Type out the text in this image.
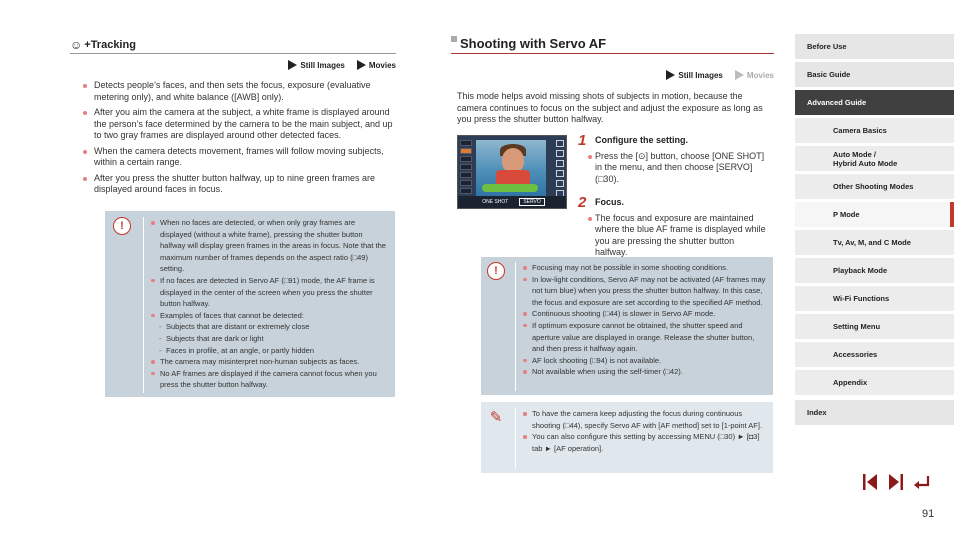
☺ +Tracking
Still Images	Movies
Detects people’s faces, and then sets the focus, exposure (evaluative metering only), and white balance ([AWB] only).
After you aim the camera at the subject, a white frame is displayed around the person’s face determined by the camera to be the main subject, and up to two gray frames are displayed around other detected faces.
When the camera detects movement, frames will follow moving subjects, within a certain range.
After you press the shutter button halfway, up to nine green frames are displayed around faces in focus.
!	When no faces are detected, or when only gray frames are displayed (without a white frame), pressing the shutter button halfway will display green frames in the areas in focus. Note that the maximum number of frames depends on the aspect ratio (□49) setting.
If no faces are detected in Servo AF (□91) mode, the AF frame is displayed in the center of the screen when you press the shutter button halfway.
Examples of faces that cannot be detected:
- Subjects that are distant or extremely close
- Subjects that are dark or light
- Faces in profile, at an angle, or partly hidden
The camera may misinterpret non-human subjects as faces.
No AF frames are displayed if the camera cannot focus when you press the shutter button halfway.
Shooting with Servo AF
Still Images	Movies

This mode helps avoid missing shots of subjects in motion, because the camera continues to focus on the subject and adjust the exposure as long as you press the shutter button halfway.

ONE SHOT	SERVO
1 Configure the setting.
Press the [⊙] button, choose [ONE SHOT] in the menu, and then choose [SERVO] (□30).
2 Focus.
The focus and exposure are maintained where the blue AF frame is displayed while you are pressing the shutter button halfway.
!	Focusing may not be possible in some shooting conditions.
In low-light conditions, Servo AF may not be activated (AF frames may not turn blue) when you press the shutter button halfway. In this case, the focus and exposure are set according to the specified AF method.
Continuous shooting (□44) is slower in Servo AF mode.
If optimum exposure cannot be obtained, the shutter speed and aperture value are displayed in orange. Release the shutter button, and then press it halfway again.
AF lock shooting (□94) is not available.
Not available when using the self-timer (□42).
✎	To have the camera keep adjusting the focus during continuous shooting (□44), specify Servo AF with [AF method] set to [1-point AF].
You can also configure this setting by accessing MENU (□30) ► [◘3] tab ► [AF operation].
Before Use
Basic Guide
Advanced Guide
Camera Basics
Auto Mode /
Hybrid Auto Mode
Other Shooting Modes
P Mode
Tv, Av, M, and C Mode
Playback Mode
Wi-Fi Functions
Setting Menu
Accessories
Appendix
Index
91
